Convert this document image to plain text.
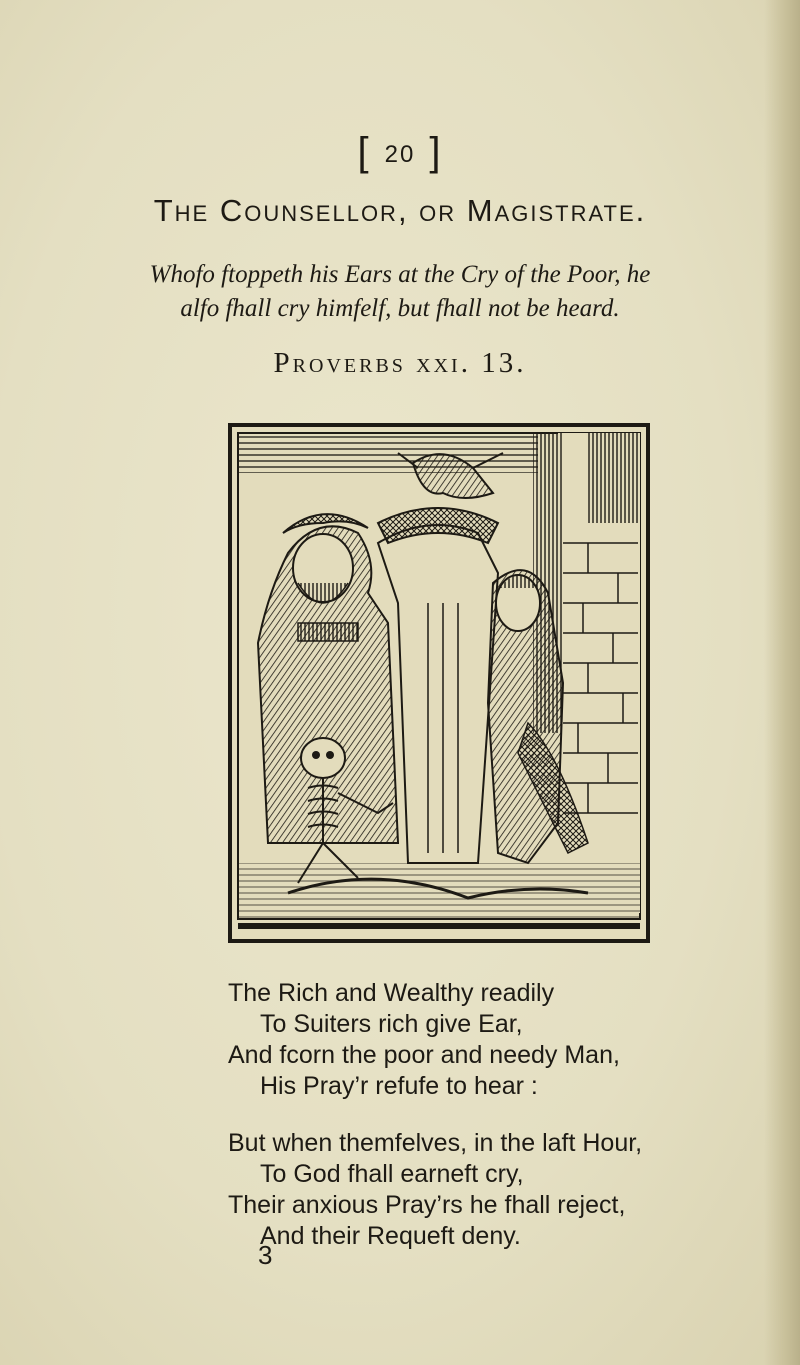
[ 20 ]
The Counsellor, or Magistrate.
Whofo ftoppeth his Ears at the Cry of the Poor, he
alfo fhall cry himfelf, but fhall not be heard.
Proverbs xxi. 13.
The Rich and Wealthy readily
To Suiters rich give Ear,
And fcorn the poor and needy Man,
His Pray’r refufe to hear :
But when themfelves, in the laft Hour,
To God fhall earneft cry,
Their anxious Pray’rs he fhall reject,
And their Requeft deny.
3
